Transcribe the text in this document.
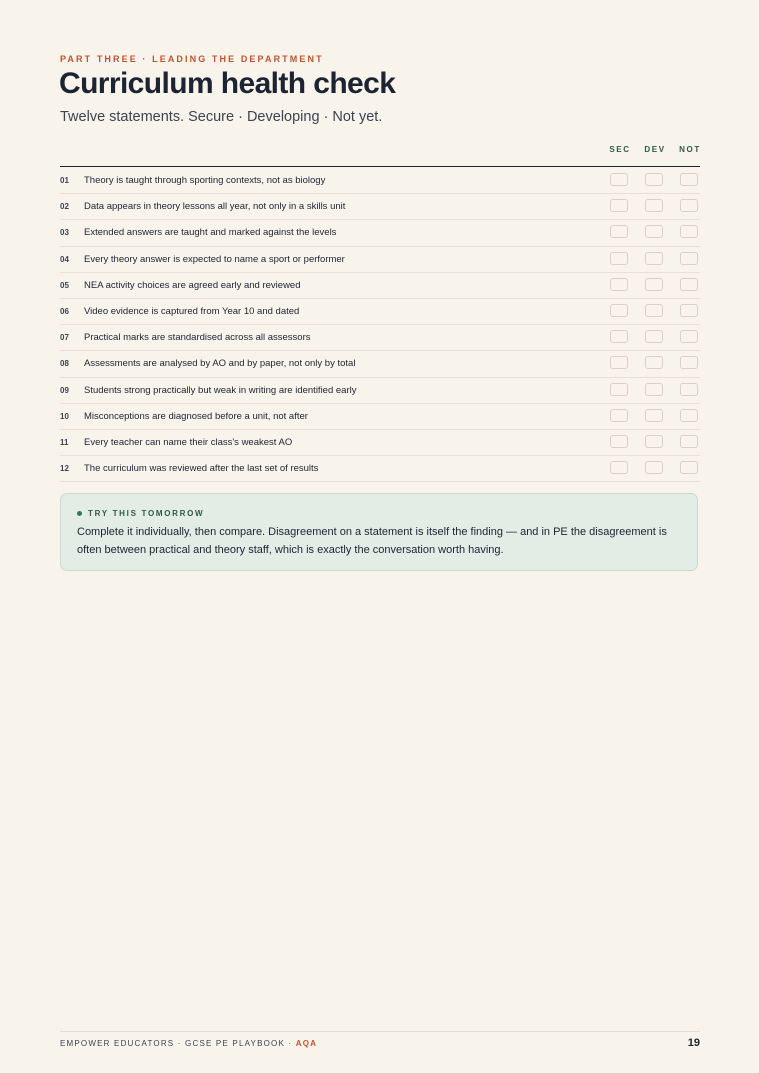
PART THREE · LEADING THE DEPARTMENT
Curriculum health check
Twelve statements. Secure · Developing · Not yet.
SEC	DEV	NOT
01 Theory is taught through sporting contexts, not as biology
02 Data appears in theory lessons all year, not only in a skills unit
03 Extended answers are taught and marked against the levels
04 Every theory answer is expected to name a sport or performer
05 NEA activity choices are agreed early and reviewed
06 Video evidence is captured from Year 10 and dated
07 Practical marks are standardised across all assessors
08 Assessments are analysed by AO and by paper, not only by total
09 Students strong practically but weak in writing are identified early
10 Misconceptions are diagnosed before a unit, not after
11 Every teacher can name their class's weakest AO
12 The curriculum was reviewed after the last set of results
TRY THIS TOMORROW
Complete it individually, then compare. Disagreement on a statement is itself the finding — and in PE the disagreement is often between practical and theory staff, which is exactly the conversation worth having.
EMPOWER EDUCATORS · GCSE PE PLAYBOOK · AQA	19
